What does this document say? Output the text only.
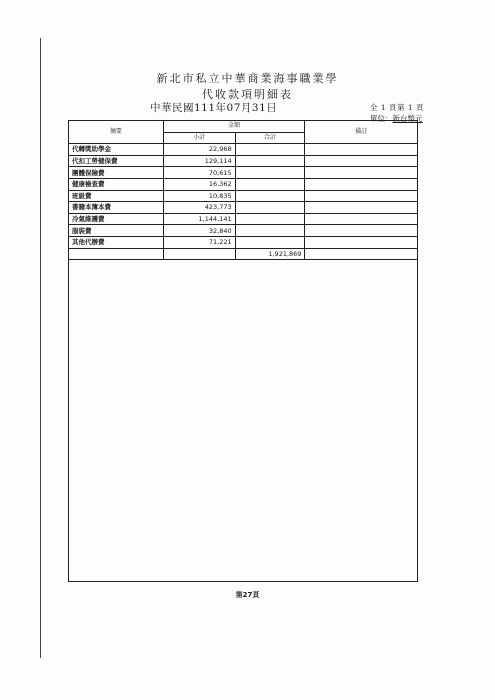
新北市私立中華商業海事職業學
代收款項明細表
中華民國111年07月31日	全 1 頁第 1 頁
單位：新台幣元
摘要	金額		備註
	小計	合計	
代轉獎助學金	22,968		
代扣工勞健保費	129,114		
團體保險費	70,615		
健康檢查費	16,362		
班級費	10,835		
書籍本簿本費	423,773		
冷氣維護費	1,144,141		
服裝費	32,840		
其他代辦費	71,221		
		1,921,869	
第27頁
